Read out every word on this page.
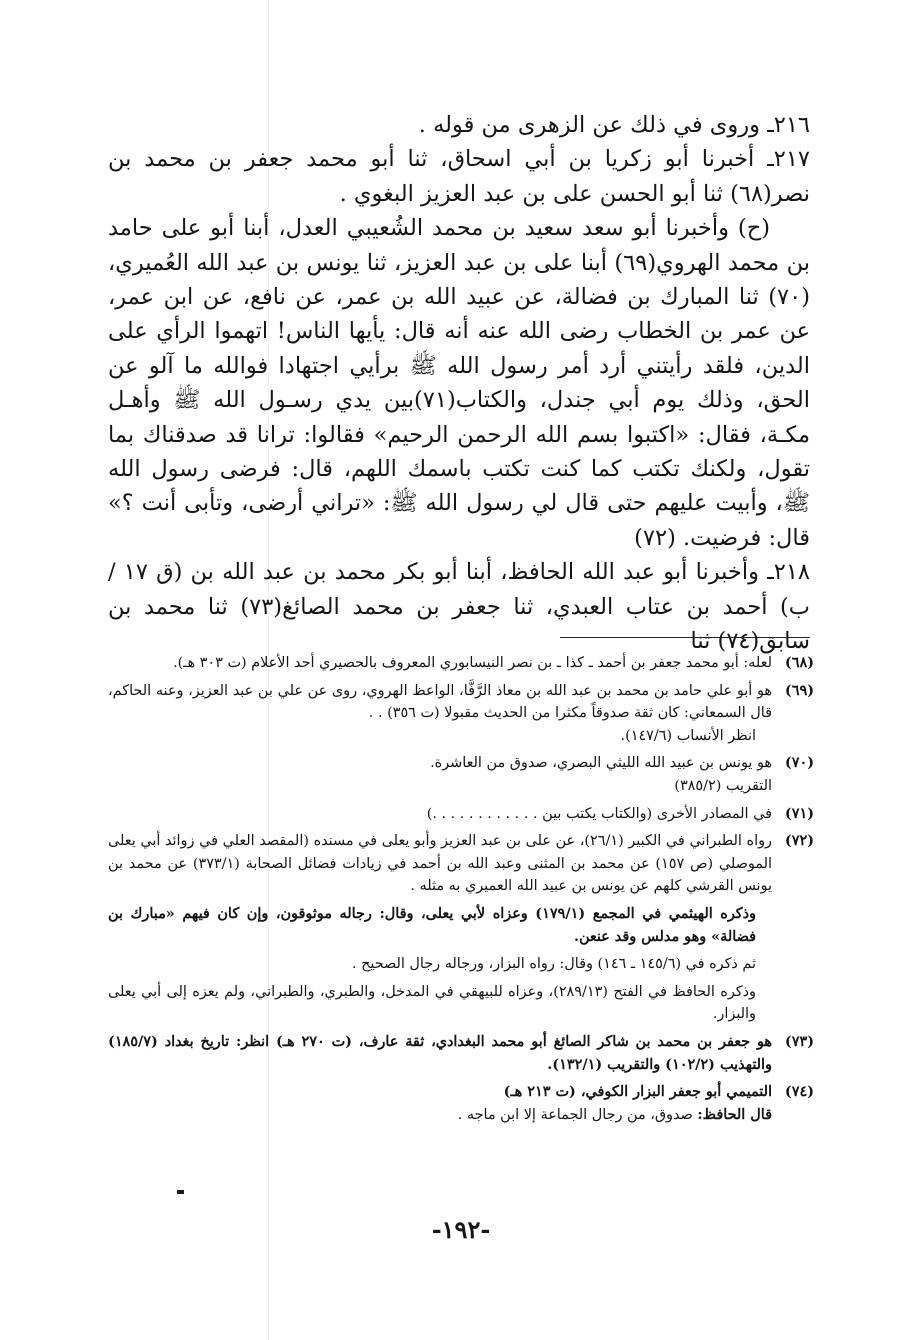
٢١٦ـ وروى في ذلك عن الزهرى من قوله .

٢١٧ـ أخبرنا أبو زكريا بن أبي اسحاق، ثنا أبو محمد جعفر بن محمد بن نصر(٦٨) ثنا أبو الحسن على بن عبد العزيز البغوي .

(ح) وأخبرنا أبو سعد سعيد بن محمد الشُعيبي العدل، أبنا أبو على حامد بن محمد الهروي(٦٩) أبنا على بن عبد العزيز، ثنا يونس بن عبد الله العُميري، (٧٠) ثنا المبارك بن فضالة، عن عبيد الله بن عمر، عن نافع، عن ابن عمر، عن عمر بن الخطاب رضى الله عنه أنه قال: يأيها الناس! اتهموا الرأي على الدين، فلقد رأيتني أرد أمر رسول الله ﷺ برأيي اجتهادا فوالله ما آلو عن الحق، وذلك يوم أبي جندل، والكتاب(٧١)بين يدي رسـول الله ﷺ وأهـل مكـة، فقال: «اكتبوا بسم الله الرحمن الرحيم» فقالوا: ترانا قد صدقناك بما تقول، ولكنك تكتب كما كنت تكتب باسمك اللهم، قال: فرضى رسول الله ﷺ، وأبيت عليهم حتى قال لي رسول الله ﷺ: «تراني أرضى، وتأبى أنت ؟» قال: فرضيت. (٧٢)

٢١٨ـ وأخبرنا أبو عبد الله الحافظ، أبنا أبو بكر محمد بن عبد الله بن (ق ١٧ / ب) أحمد بن عتاب العبدي، ثنا جعفر بن محمد الصائغ(٧٣) ثنا محمد بن سابق(٧٤) ثنا

(٦٨)

لعله: أبو محمد جعفر بن أحمد ـ كذا ـ بن نصر النيسابوري المعروف بالحصيري أحد الأعلام (ت ٣٠٣ هـ).

(٦٩)

هو أبو علي حامد بن محمد بن عبد الله بن معاذ الرَّفَّا، الواعظ الهروي، روى عن علي بن عبد العزيز، وعنه الحاكم، قال السمعاني: كان ثقة صدوقاً مكثرا من الحديث مقبولا (ت ٣٥٦) . .

انظر الأنساب (١٤٧/٦).

(٧٠)

هو يونس بن عبيد الله الليثي البصري، صدوق من العاشرة.

التقريب (٣٨٥/٢)

(٧١)

في المصادر الأخرى (والكتاب يكتب بين . . . . . . . . . . . .)

(٧٢)

رواه الطبراني في الكبير (٢٦/١)، عن على بن عبد العزيز وأبو يعلى في مسنده (المقصد العلي في زوائد أبي يعلى الموصلي (ص ١٥٧) عن محمد بن المثنى وعبد الله بن أحمد في زيادات فضائل الصحابة (٣٧٣/١) عن محمد بن يونس القرشي كلهم عن يونس بن عبيد الله العميري به مثله .

وذكره الهيثمي في المجمع (١٧٩/١) وعزاه لأبي يعلى، وقال: رجاله موثوقون، وإن كان فيهم «مبارك بن فضالة» وهو مدلس وقد عنعن.

ثم ذكره في (١٤٥/٦ ـ ١٤٦) وقال: رواه البزار، ورجاله رجال الصحيح .

وذكره الحافظ في الفتح (٢٨٩/١٣)، وعزاه للبيهقي في المدخل، والطبري، والطبراني، ولم يعزه إلى أبي يعلى والبزار.

(٧٣)

هو جعفر بن محمد بن شاكر الصائغ أبو محمد البغدادي، ثقة عارف، (ت ٢٧٠ هـ) انظر: تاريخ بغداد (١٨٥/٧) والتهذيب (١٠٢/٢) والتقريب (١٣٢/١).

(٧٤)

التميمي أبو جعفر البزار الكوفي، (ت ٢١٣ هـ)

قال الحافظ: صدوق، من رجال الجماعة إلا ابن ماجه .

-١٩٢-
